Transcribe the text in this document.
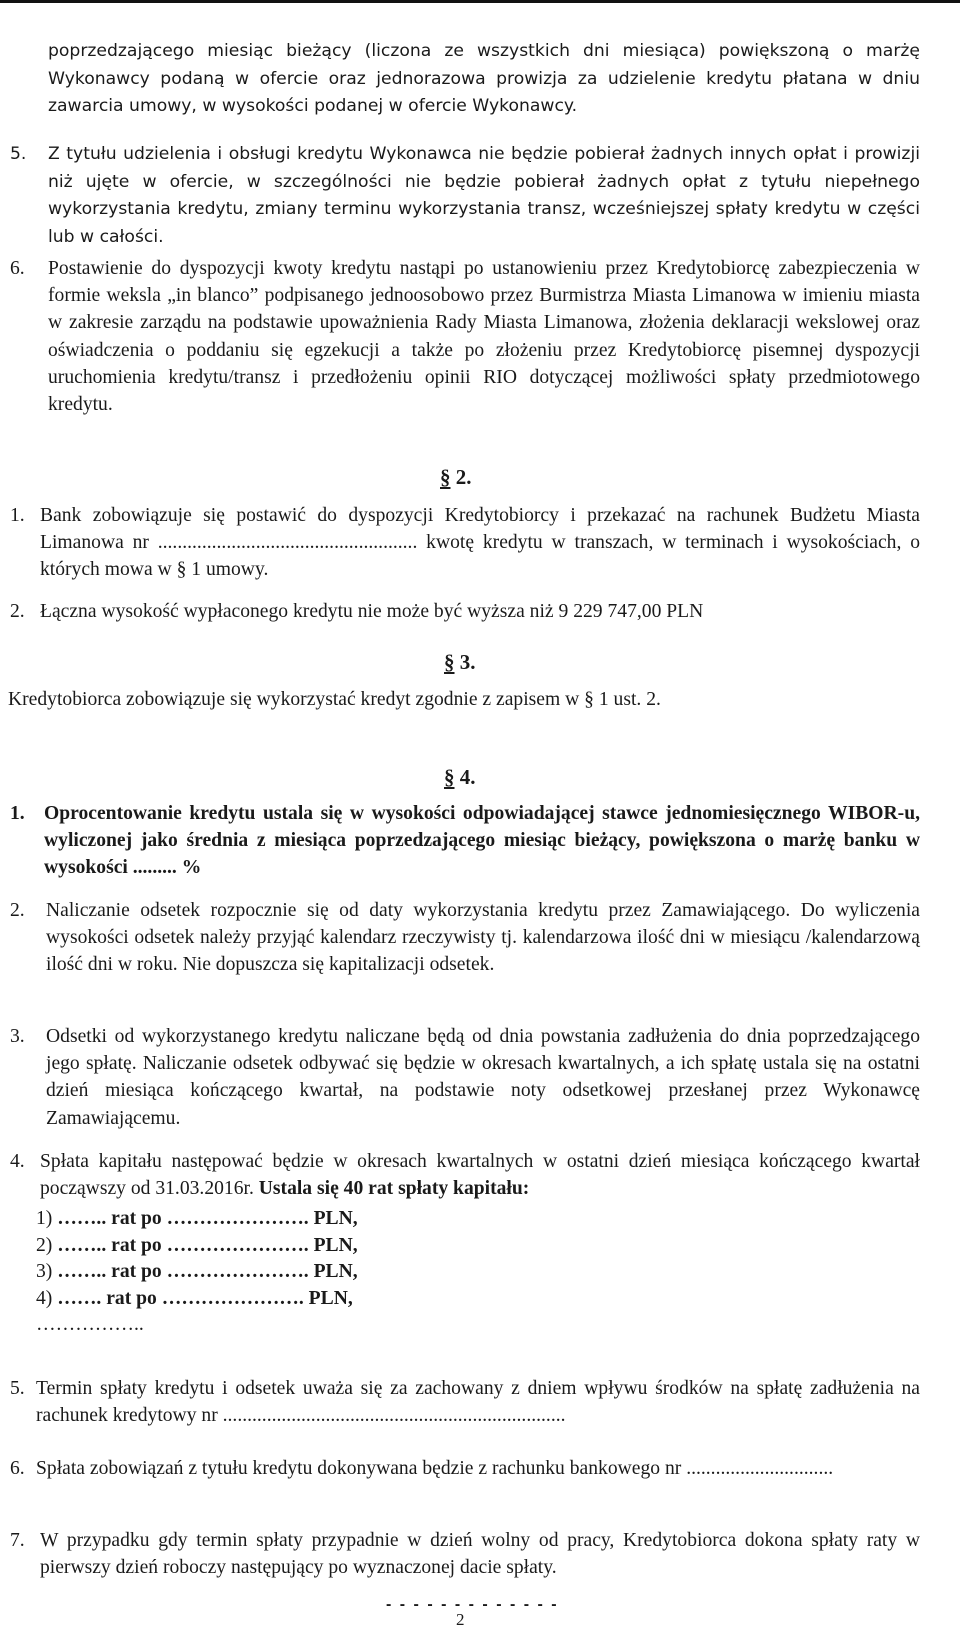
poprzedzającego miesiąc bieżący (liczona ze wszystkich dni miesiąca) powiększoną o marżę Wykonawcy podaną w ofercie oraz jednorazowa prowizja za udzielenie kredytu płatana w dniu zawarcia umowy, w wysokości podanej w ofercie Wykonawcy.

5. Z tytułu udzielenia i obsługi kredytu Wykonawca nie będzie pobierał żadnych innych opłat i prowizji niż ujęte w ofercie, w szczególności nie będzie pobierał żadnych opłat z tytułu niepełnego wykorzystania kredytu, zmiany terminu wykorzystania transz, wcześniejszej spłaty kredytu w części lub w całości.
6. Postawienie do dyspozycji kwoty kredytu nastąpi po ustanowieniu przez Kredytobiorcę zabezpieczenia w formie weksla „in blanco” podpisanego jednoosobowo przez Burmistrza Miasta Limanowa w imieniu miasta w zakresie zarządu na podstawie upoważnienia Rady Miasta Limanowa, złożenia deklaracji wekslowej oraz oświadczenia o poddaniu się egzekucji a także po złożeniu przez Kredytobiorcę pisemnej dyspozycji uruchomienia kredytu/transz i przedłożeniu opinii RIO dotyczącej możliwości spłaty przedmiotowego kredytu.
§ 2.
1. Bank zobowiązuje się postawić do dyspozycji Kredytobiorcy i przekazać na rachunek Budżetu Miasta Limanowa nr ..................................................... kwotę kredytu w transzach, w terminach i wysokościach, o których mowa w § 1 umowy.
2. Łączna wysokość wypłaconego kredytu nie może być wyższa niż 9 229 747,00 PLN
§ 3.

Kredytobiorca zobowiązuje się wykorzystać kredyt zgodnie z zapisem w § 1 ust. 2.

§ 4.
1. Oprocentowanie kredytu ustala się w wysokości odpowiadającej stawce jednomiesięcznego WIBOR-u, wyliczonej jako średnia z miesiąca poprzedzającego miesiąc bieżący, powiększona o marżę banku w wysokości ......... %
2. Naliczanie odsetek rozpocznie się od daty wykorzystania kredytu przez Zamawiającego. Do wyliczenia wysokości odsetek należy przyjąć kalendarz rzeczywisty tj. kalendarzowa ilość dni w miesiącu /kalendarzową ilość dni w roku. Nie dopuszcza się kapitalizacji odsetek.
3. Odsetki od wykorzystanego kredytu naliczane będą od dnia powstania zadłużenia do dnia poprzedzającego jego spłatę. Naliczanie odsetek odbywać się będzie w okresach kwartalnych, a ich spłatę ustala się na ostatni dzień miesiąca kończącego kwartał, na podstawie noty odsetkowej przesłanej przez Wykonawcę Zamawiającemu.
4. Spłata kapitału następować będzie w okresach kwartalnych w ostatni dzień miesiąca kończącego kwartał począwszy od 31.03.2016r. Ustala się 40 rat spłaty kapitału:
1) …….. rat po …………………. PLN,
2) …….. rat po …………………. PLN,
3) …….. rat po …………………. PLN,
4) ……. rat po …………………. PLN,
……………..
5. Termin spłaty kredytu i odsetek uważa się za zachowany z dniem wpływu środków na spłatę zadłużenia na rachunek kredytowy nr ......................................................................
6. Spłata zobowiązań z tytułu kredytu dokonywana będzie z rachunku bankowego nr ..............................
7. W przypadku gdy termin spłaty przypadnie w dzień wolny od pracy, Kredytobiorca dokona spłaty raty w pierwszy dzień roboczy następujący po wyznaczonej dacie spłaty.
- - - - - - - - - - - - -
2
